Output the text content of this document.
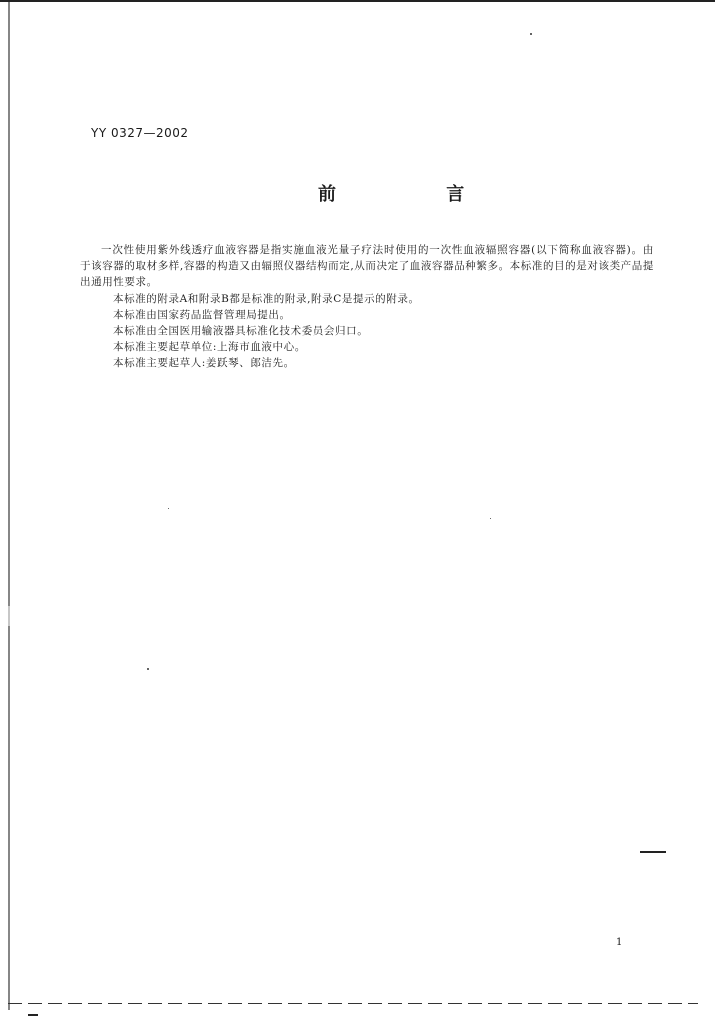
YY 0327—2002
前 言

一次性使用紫外线透疗血液容器是指实施血液光量子疗法时使用的一次性血液辐照容器(以下简称血液容器)。由于该容器的取材多样,容器的构造又由辐照仪器结构而定,从而决定了血液容器品种繁多。本标准的目的是对该类产品提出通用性要求。

本标准的附录A和附录B都是标准的附录,附录C是提示的附录。

本标准由国家药品监督管理局提出。

本标准由全国医用输液器具标准化技术委员会归口。

本标准主要起草单位:上海市血液中心。

本标准主要起草人:姜跃琴、郎洁先。

1
